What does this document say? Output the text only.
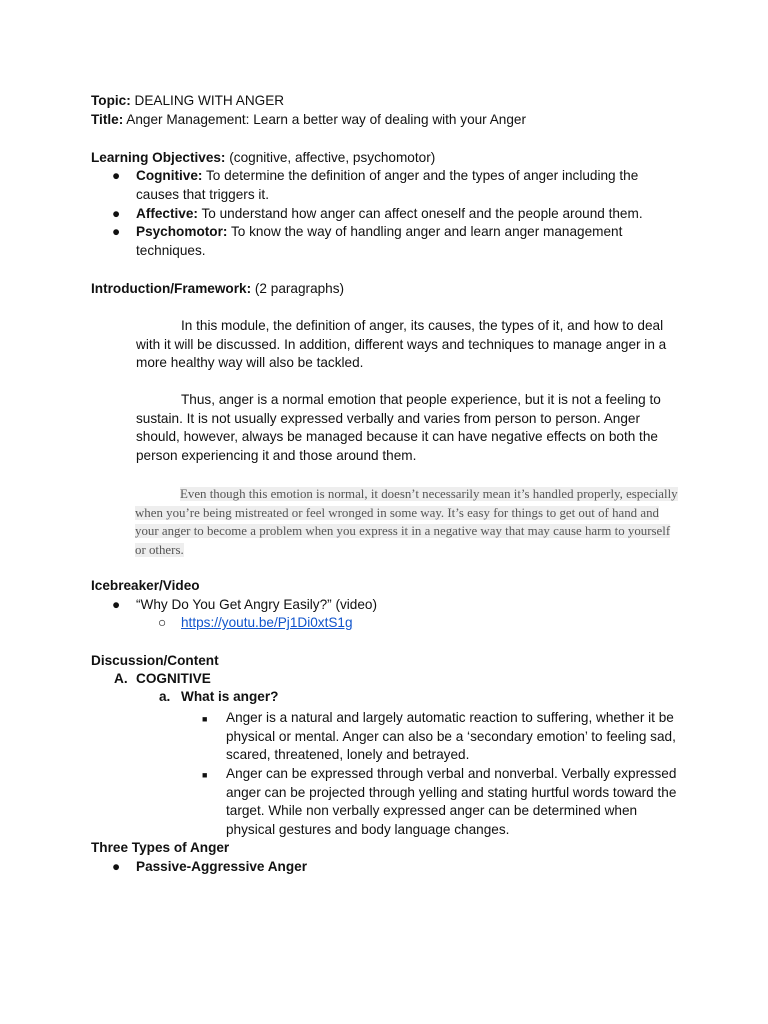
Topic: DEALING WITH ANGER
Title: Anger Management: Learn a better way of dealing with your Anger
Learning Objectives: (cognitive, affective, psychomotor)
● Cognitive: To determine the definition of anger and the types of anger including the causes that triggers it.
● Affective: To understand how anger can affect oneself and the people around them.
● Psychomotor: To know the way of handling anger and learn anger management techniques.
Introduction/Framework: (2 paragraphs)
In this module, the definition of anger, its causes, the types of it, and how to deal with it will be discussed. In addition, different ways and techniques to manage anger in a more healthy way will also be tackled.
Thus, anger is a normal emotion that people experience, but it is not a feeling to sustain. It is not usually expressed verbally and varies from person to person. Anger should, however, always be managed because it can have negative effects on both the person experiencing it and those around them.
Even though this emotion is normal, it doesn’t necessarily mean it’s handled properly, especially when you’re being mistreated or feel wronged in some way. It’s easy for things to get out of hand and your anger to become a problem when you express it in a negative way that may cause harm to yourself or others.
Icebreaker/Video
● “Why Do You Get Angry Easily?” (video)
○ https://youtu.be/Pj1Di0xtS1g
Discussion/Content
A. COGNITIVE
a. What is anger?
■ Anger is a natural and largely automatic reaction to suffering, whether it be physical or mental. Anger can also be a ‘secondary emotion’ to feeling sad, scared, threatened, lonely and betrayed.
■ Anger can be expressed through verbal and nonverbal. Verbally expressed anger can be projected through yelling and stating hurtful words toward the target. While non verbally expressed anger can be determined when physical gestures and body language changes.
Three Types of Anger
● Passive-Aggressive Anger
